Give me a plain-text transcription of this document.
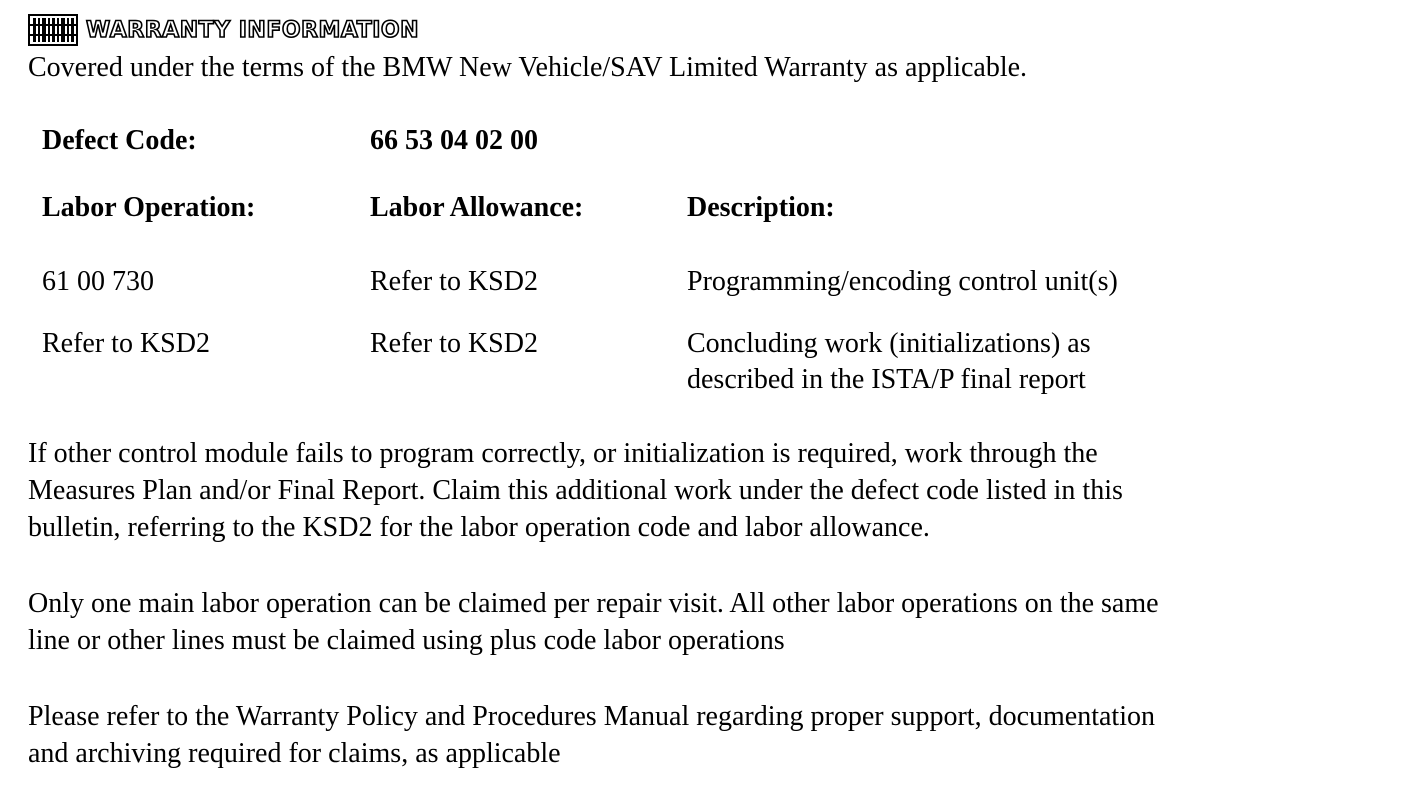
WARRANTY INFORMATION
Covered under the terms of the BMW New Vehicle/SAV Limited Warranty as applicable.
Defect Code:	66 53 04 02 00
Labor Operation:	Labor Allowance:	Description:
61 00 730	Refer to KSD2	Programming/encoding control unit(s)
Refer to KSD2	Refer to KSD2	Concluding work (initializations) as
described in the ISTA/P final report
If other control module fails to program correctly, or initialization is required, work through the
Measures Plan and/or Final Report. Claim this additional work under the defect code listed in this
bulletin, referring to the KSD2 for the labor operation code and labor allowance.
Only one main labor operation can be claimed per repair visit. All other labor operations on the same
line or other lines must be claimed using plus code labor operations
Please refer to the Warranty Policy and Procedures Manual regarding proper support, documentation
and archiving required for claims, as applicable
